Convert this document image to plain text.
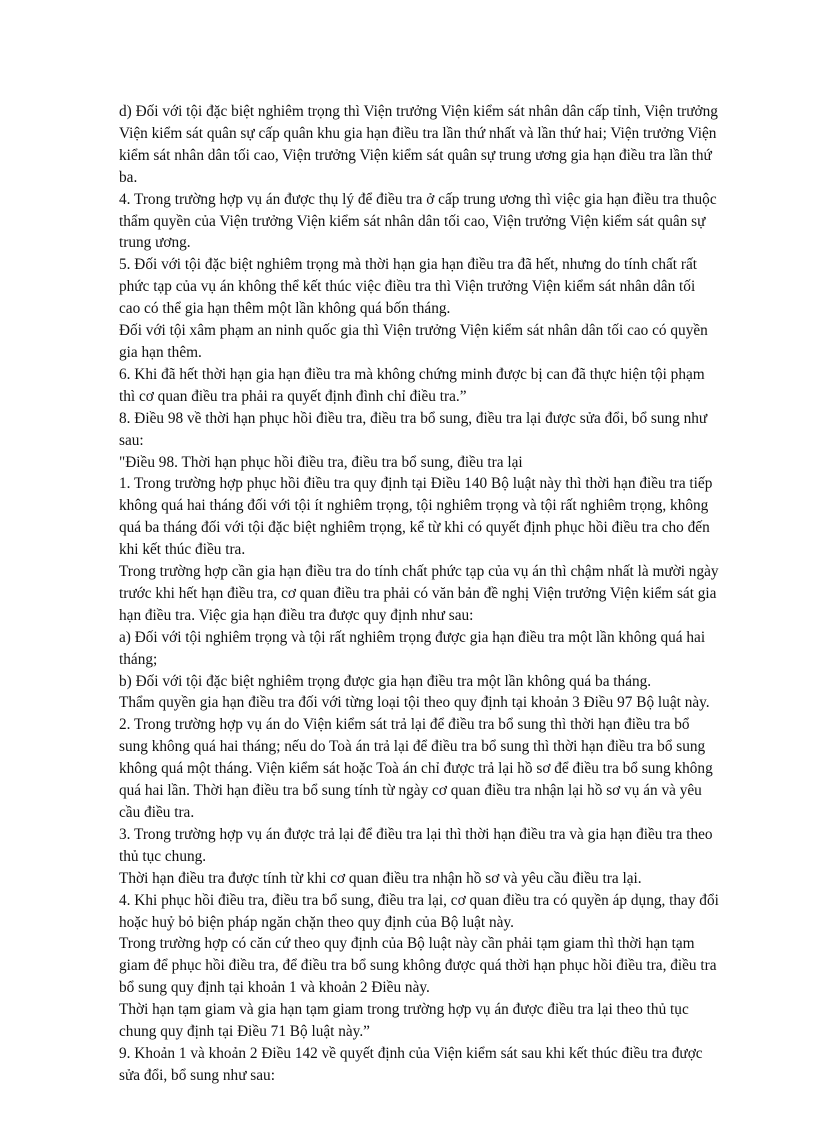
d) Đối với tội đặc biệt nghiêm trọng thì Viện trưởng Viện kiểm sát nhân dân cấp tỉnh, Viện trưởng Viện kiểm sát quân sự cấp quân khu gia hạn điều tra lần thứ nhất và lần thứ hai; Viện trưởng Viện kiểm sát nhân dân tối cao, Viện trưởng Viện kiểm sát quân sự trung ương gia hạn điều tra lần thứ ba.

4. Trong trường hợp vụ án được thụ lý để điều tra ở cấp trung ương thì việc gia hạn điều tra thuộc thẩm quyền của Viện trưởng Viện kiểm sát nhân dân tối cao, Viện trưởng Viện kiểm sát quân sự trung ương.

5. Đối với tội đặc biệt nghiêm trọng mà thời hạn gia hạn điều tra đã hết, nhưng do tính chất rất phức tạp của vụ án không thể kết thúc việc điều tra thì Viện trưởng Viện kiểm sát nhân dân tối cao có thể gia hạn thêm một lần không quá bốn tháng.

Đối với tội xâm phạm an ninh quốc gia thì Viện trưởng Viện kiểm sát nhân dân tối cao có quyền gia hạn thêm.

6. Khi đã hết thời hạn gia hạn điều tra mà không chứng minh được bị can đã thực hiện tội phạm thì cơ quan điều tra phải ra quyết định đình chỉ điều tra.”

8. Điều 98 về thời hạn phục hồi điều tra, điều tra bổ sung, điều tra lại được sửa đổi, bổ sung như sau:

"Điều 98. Thời hạn phục hồi điều tra, điều tra bổ sung, điều tra lại

1. Trong trường hợp phục hồi điều tra quy định tại Điều 140 Bộ luật này thì thời hạn điều tra tiếp không quá hai tháng đối với tội ít nghiêm trọng, tội nghiêm trọng và tội rất nghiêm trọng, không quá ba tháng đối với tội đặc biệt nghiêm trọng, kể từ khi có quyết định phục hồi điều tra cho đến khi kết thúc điều tra.

Trong trường hợp cần gia hạn điều tra do tính chất phức tạp của vụ án thì chậm nhất là mười ngày trước khi hết hạn điều tra, cơ quan điều tra phải có văn bản đề nghị Viện trưởng Viện kiểm sát gia hạn điều tra. Việc gia hạn điều tra được quy định như sau:

a) Đối với tội nghiêm trọng và tội rất nghiêm trọng được gia hạn điều tra một lần không quá hai tháng;

b) Đối với tội đặc biệt nghiêm trọng được gia hạn điều tra một lần không quá ba tháng.

Thẩm quyền gia hạn điều tra đối với từng loại tội theo quy định tại khoản 3 Điều 97 Bộ luật này.

2. Trong trường hợp vụ án do Viện kiểm sát trả lại để điều tra bổ sung thì thời hạn điều tra bổ sung không quá hai tháng; nếu do Toà án trả lại để điều tra bổ sung thì thời hạn điều tra bổ sung không quá một tháng. Viện kiểm sát hoặc Toà án chỉ được trả lại hồ sơ để điều tra bổ sung không quá hai lần. Thời hạn điều tra bổ sung tính từ ngày cơ quan điều tra nhận lại hồ sơ vụ án và yêu cầu điều tra.

3. Trong trường hợp vụ án được trả lại để điều tra lại thì thời hạn điều tra và gia hạn điều tra theo thủ tục chung.

Thời hạn điều tra được tính từ khi cơ quan điều tra nhận hồ sơ và yêu cầu điều tra lại.

4. Khi phục hồi điều tra, điều tra bổ sung, điều tra lại, cơ quan điều tra có quyền áp dụng, thay đổi hoặc huỷ bỏ biện pháp ngăn chặn theo quy định của Bộ luật này.

Trong trường hợp có căn cứ theo quy định của Bộ luật này cần phải tạm giam thì thời hạn tạm giam để phục hồi điều tra, để điều tra bổ sung không được quá thời hạn phục hồi điều tra, điều tra bổ sung quy định tại khoản 1 và khoản 2 Điều này.

Thời hạn tạm giam và gia hạn tạm giam trong trường hợp vụ án được điều tra lại theo thủ tục chung quy định tại Điều 71 Bộ luật này.”

9. Khoản 1 và khoản 2 Điều 142 về quyết định của Viện kiểm sát sau khi kết thúc điều tra được sửa đổi, bổ sung như sau:
